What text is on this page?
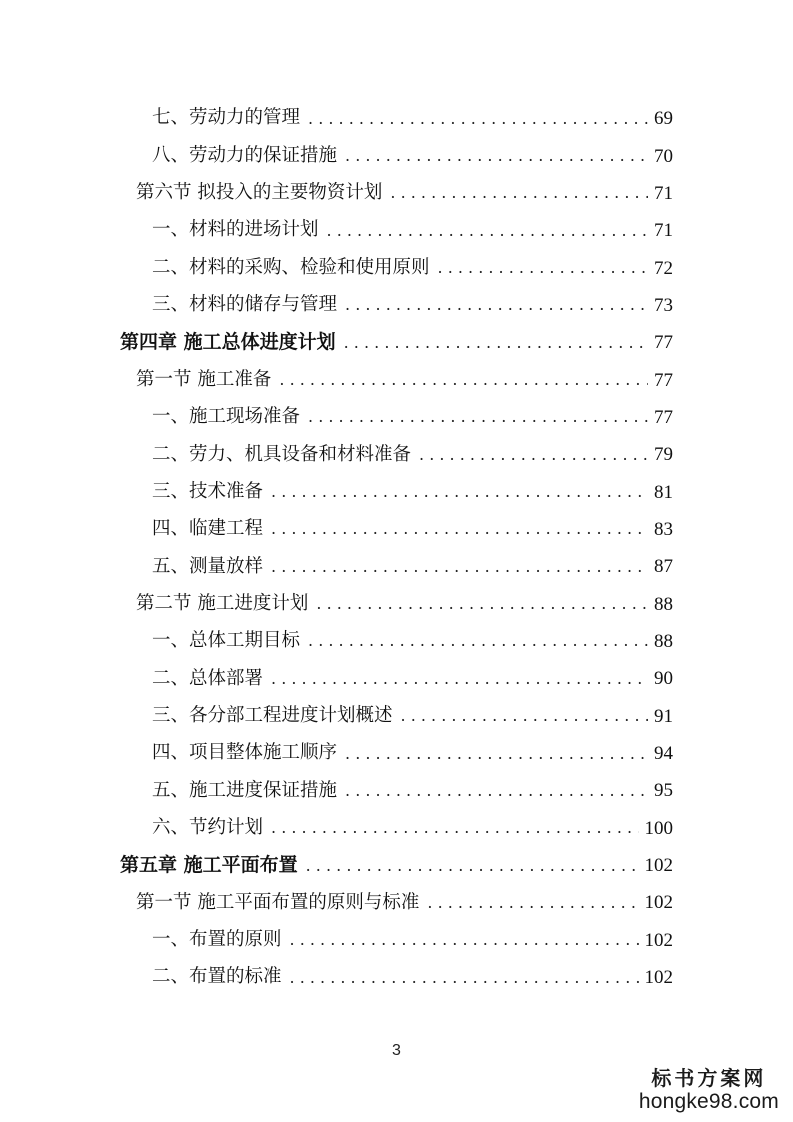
七、劳动力的管理 . . .	69
八、劳动力的保证措施 . . .	70
第六节 拟投入的主要物资计划 . . .	71
一、材料的进场计划 . . .	71
二、材料的采购、检验和使用原则 . . .	72
三、材料的储存与管理 . . .	73
第四章 施工总体进度计划 . . .	77
第一节 施工准备 . . .	77
一、施工现场准备 . . .	77
二、劳力、机具设备和材料准备 . . .	79
三、技术准备 . . .	81
四、临建工程 . . .	83
五、测量放样 . . .	87
第二节 施工进度计划 . . .	88
一、总体工期目标 . . .	88
二、总体部署 . . .	90
三、各分部工程进度计划概述 . . .	91
四、项目整体施工顺序 . . .	94
五、施工进度保证措施 . . .	95
六、节约计划 . . .	100
第五章 施工平面布置 . . .	102
第一节 施工平面布置的原则与标准 . . .	102
一、布置的原则 . . .	102
二、布置的标准 . . .	102
3
标书方案网
hongke98.com
